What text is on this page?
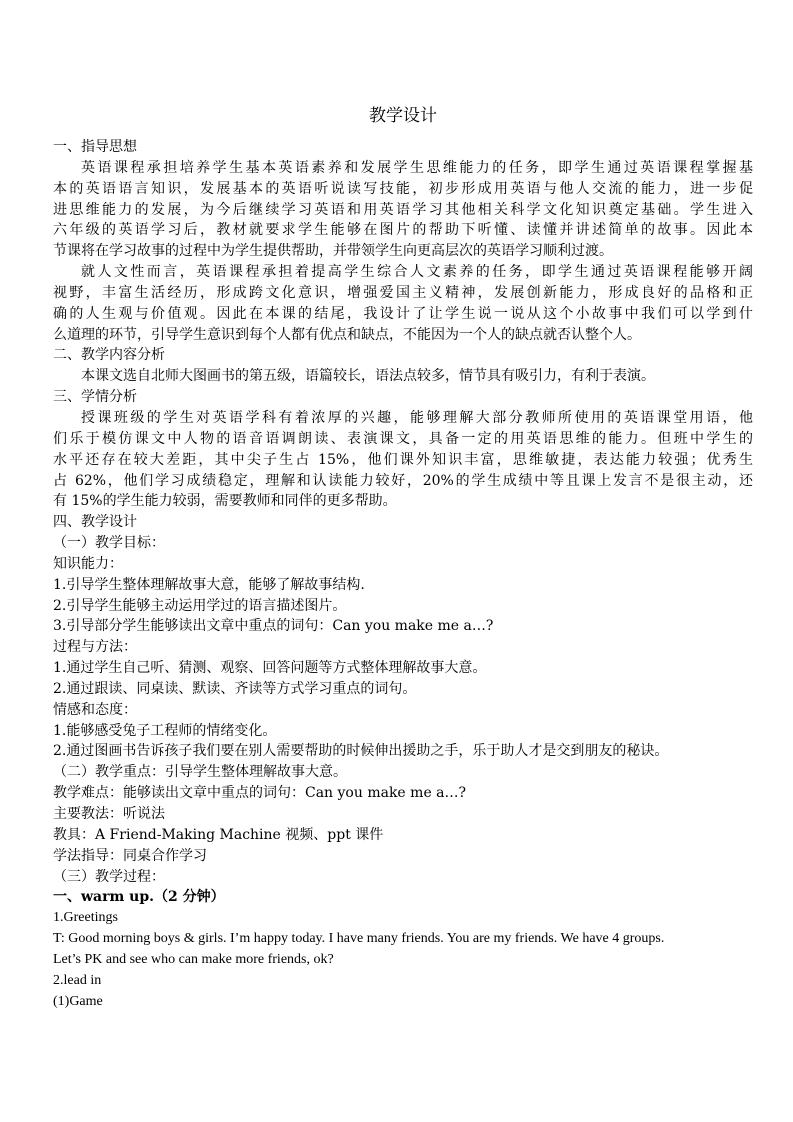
教学设计
一、指导思想
英语课程承担培养学生基本英语素养和发展学生思维能力的任务，即学生通过英语课程掌握基
本的英语语言知识，发展基本的英语听说读写技能，初步形成用英语与他人交流的能力，进一步促
进思维能力的发展，为今后继续学习英语和用英语学习其他相关科学文化知识奠定基础。学生进入
六年级的英语学习后，教材就要求学生能够在图片的帮助下听懂、读懂并讲述简单的故事。因此本
节课将在学习故事的过程中为学生提供帮助，并带领学生向更高层次的英语学习顺利过渡。
就人文性而言，英语课程承担着提高学生综合人文素养的任务，即学生通过英语课程能够开阔
视野，丰富生活经历，形成跨文化意识，增强爱国主义精神，发展创新能力，形成良好的品格和正
确的人生观与价值观。因此在本课的结尾，我设计了让学生说一说从这个小故事中我们可以学到什
么道理的环节，引导学生意识到每个人都有优点和缺点，不能因为一个人的缺点就否认整个人。
二、教学内容分析
本课文选自北师大图画书的第五级，语篇较长，语法点较多，情节具有吸引力，有利于表演。
三、学情分析
授课班级的学生对英语学科有着浓厚的兴趣，能够理解大部分教师所使用的英语课堂用语，他
们乐于模仿课文中人物的语音语调朗读、表演课文，具备一定的用英语思维的能力。但班中学生的
水平还存在较大差距，其中尖子生占 15%，他们课外知识丰富，思维敏捷，表达能力较强；优秀生
占 62%，他们学习成绩稳定，理解和认读能力较好，20%的学生成绩中等且课上发言不是很主动，还
有 15%的学生能力较弱，需要教师和同伴的更多帮助。
四、教学设计
（一）教学目标：
知识能力：
1.引导学生整体理解故事大意，能够了解故事结构.
2.引导学生能够主动运用学过的语言描述图片。
3.引导部分学生能够读出文章中重点的词句：Can you make me a…?
过程与方法：
1.通过学生自己听、猜测、观察、回答问题等方式整体理解故事大意。
2.通过跟读、同桌读、默读、齐读等方式学习重点的词句。
情感和态度：
1.能够感受兔子工程师的情绪变化。
2.通过图画书告诉孩子我们要在别人需要帮助的时候伸出援助之手，乐于助人才是交到朋友的秘诀。
（二）教学重点：引导学生整体理解故事大意。
教学难点：能够读出文章中重点的词句：Can you make me a…?
主要教法：听说法
教具：A Friend-Making Machine 视频、ppt 课件
学法指导：同桌合作学习
（三）教学过程：
一、warm up.（2 分钟）
1.Greetings
T: Good morning boys & girls. I’m happy today. I have many friends. You are my friends. We have 4 groups.
Let’s PK and see who can make more friends, ok?
2.lead in
(1)Game
